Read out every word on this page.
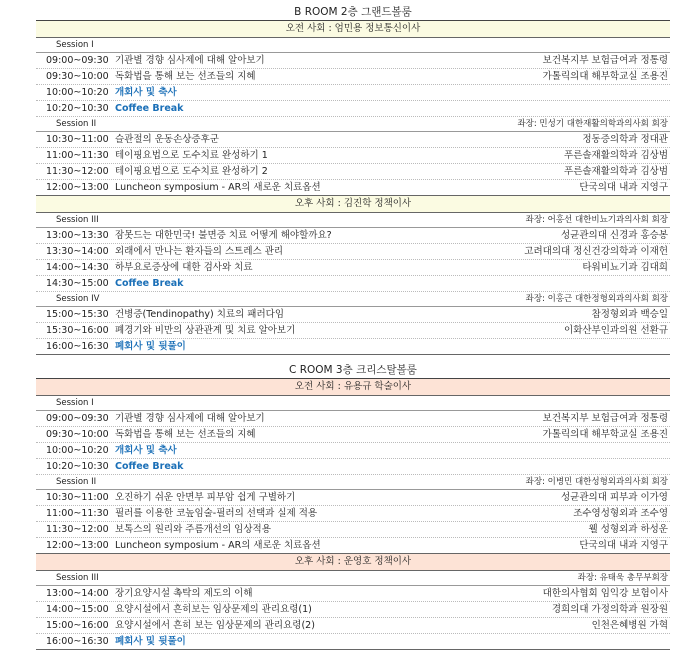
B ROOM 2층 그랜드볼룸
오전 사회 : 엄민용 정보통신이사
Session I
09:00~09:30 기관별 경향 심사제에 대해 알아보기	보건복지부 보험급여과 정통령
09:30~10:00 독화법을 통해 보는 선조들의 지혜	가톨릭의대 해부학교실 조용진
10:00~10:20 개회사 및 축사
10:20~10:30 Coffee Break
Session II	좌장: 민성기 대한재활의학과의사회 회장
10:30~11:00 슬관절의 운동손상증후군	정동증의학과 정대관
11:00~11:30 테이핑요법으로 도수치료 완성하기 1	푸른솔재활의학과 김상범
11:30~12:00 테이핑요법으로 도수치료 완성하기 2	푸른솔재활의학과 김상범
12:00~13:00 Luncheon symposium - AR의 새로운 치료옵션	단국의대 내과 지영구
오후 사회 : 김진학 정책이사
Session III	좌장: 어홍선 대한비뇨기과의사회 회장
13:00~13:30 잠못드는 대한민국! 불면증 치료 어떻게 해야할까요?	성균관의대 신경과 홍승봉
13:30~14:00 외래에서 만나는 환자들의 스트레스 관리	고려대의대 정신건강의학과 이재헌
14:00~14:30 하부요로증상에 대한 검사와 치료	타워비뇨기과 김대희
14:30~15:00 Coffee Break
Session IV	좌장: 이홍근 대한정형외과의사회 회장
15:00~15:30 건병증(Tendinopathy) 치료의 패러다임	참정형외과 백승일
15:30~16:00 폐경기와 비만의 상관관계 및 치료 알아보기	이화산부인과의원 선환규
16:00~16:30 폐회사 및 뒷풀이
C ROOM 3층 크리스탈볼룸
오전 사회 : 유용규 학술이사
Session I
09:00~09:30 기관별 경향 심사제에 대해 알아보기	보건복지부 보험급여과 정통령
09:30~10:00 독화법을 통해 보는 선조들의 지혜	가톨릭의대 해부학교실 조용진
10:00~10:20 개회사 및 축사
10:20~10:30 Coffee Break
Session II	좌장: 이병민 대한성형외과의사회 회장
10:30~11:00 오진하기 쉬운 안면부 피부암 쉽게 구별하기	성균관의대 피부과 이가영
11:00~11:30 필러를 이용한 코높임술-필러의 선택과 실제 적용	조수영성형외과 조수영
11:30~12:00 보톡스의 원리와 주름개선의 임상적용	웰 성형외과 하성운
12:00~13:00 Luncheon symposium - AR의 새로운 치료옵션	단국의대 내과 지영구
오후 사회 : 운영호 정책이사
Session III	좌장: 유태욱 총무부회장
13:00~14:00 장기요양시설 촉탁의 제도의 이해	대한의사협회 임익강 보험이사
14:00~15:00 요양시설에서 흔히보는 임상문제의 관리요령(1)	경희의대 가정의학과 원장원
15:00~16:00 요양시설에서 흔히 보는 임상문제의 관리요령(2)	인천은혜병원 가혁
16:00~16:30 폐회사 및 뒷풀이
